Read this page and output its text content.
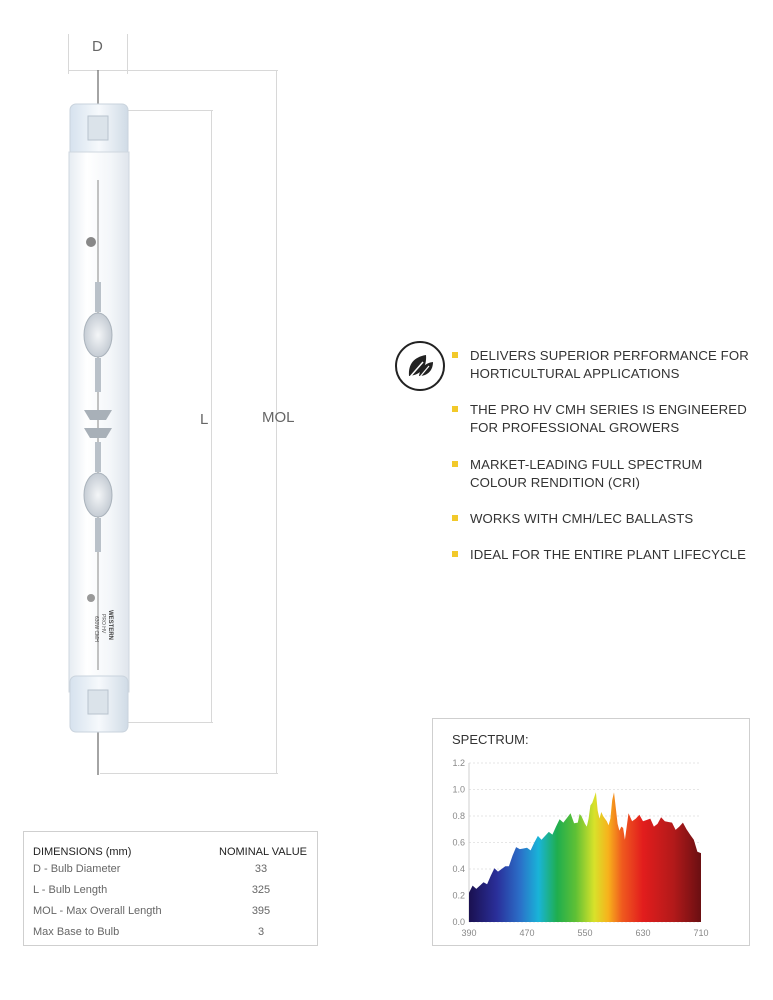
D
MOL
L
WESTERN
PRO HV
630W CMH
DELIVERS SUPERIOR PERFORMANCE FOR HORTICULTURAL APPLICATIONS
THE PRO HV CMH SERIES IS ENGINEERED FOR PROFESSIONAL GROWERS
MARKET-LEADING FULL SPECTRUM COLOUR RENDITION (CRI)
WORKS WITH CMH/LEC BALLASTS
IDEAL FOR THE ENTIRE PLANT LIFECYCLE
DIMENSIONS (mm)	NOMINAL VALUE
D - Bulb Diameter	33
L - Bulb Length	325
MOL - Max Overall Length	395
Max Base to Bulb	3
SPECTRUM:
0.0
0.2
0.4
0.6
0.8
1.0
1.2
390	470	550	630	710
